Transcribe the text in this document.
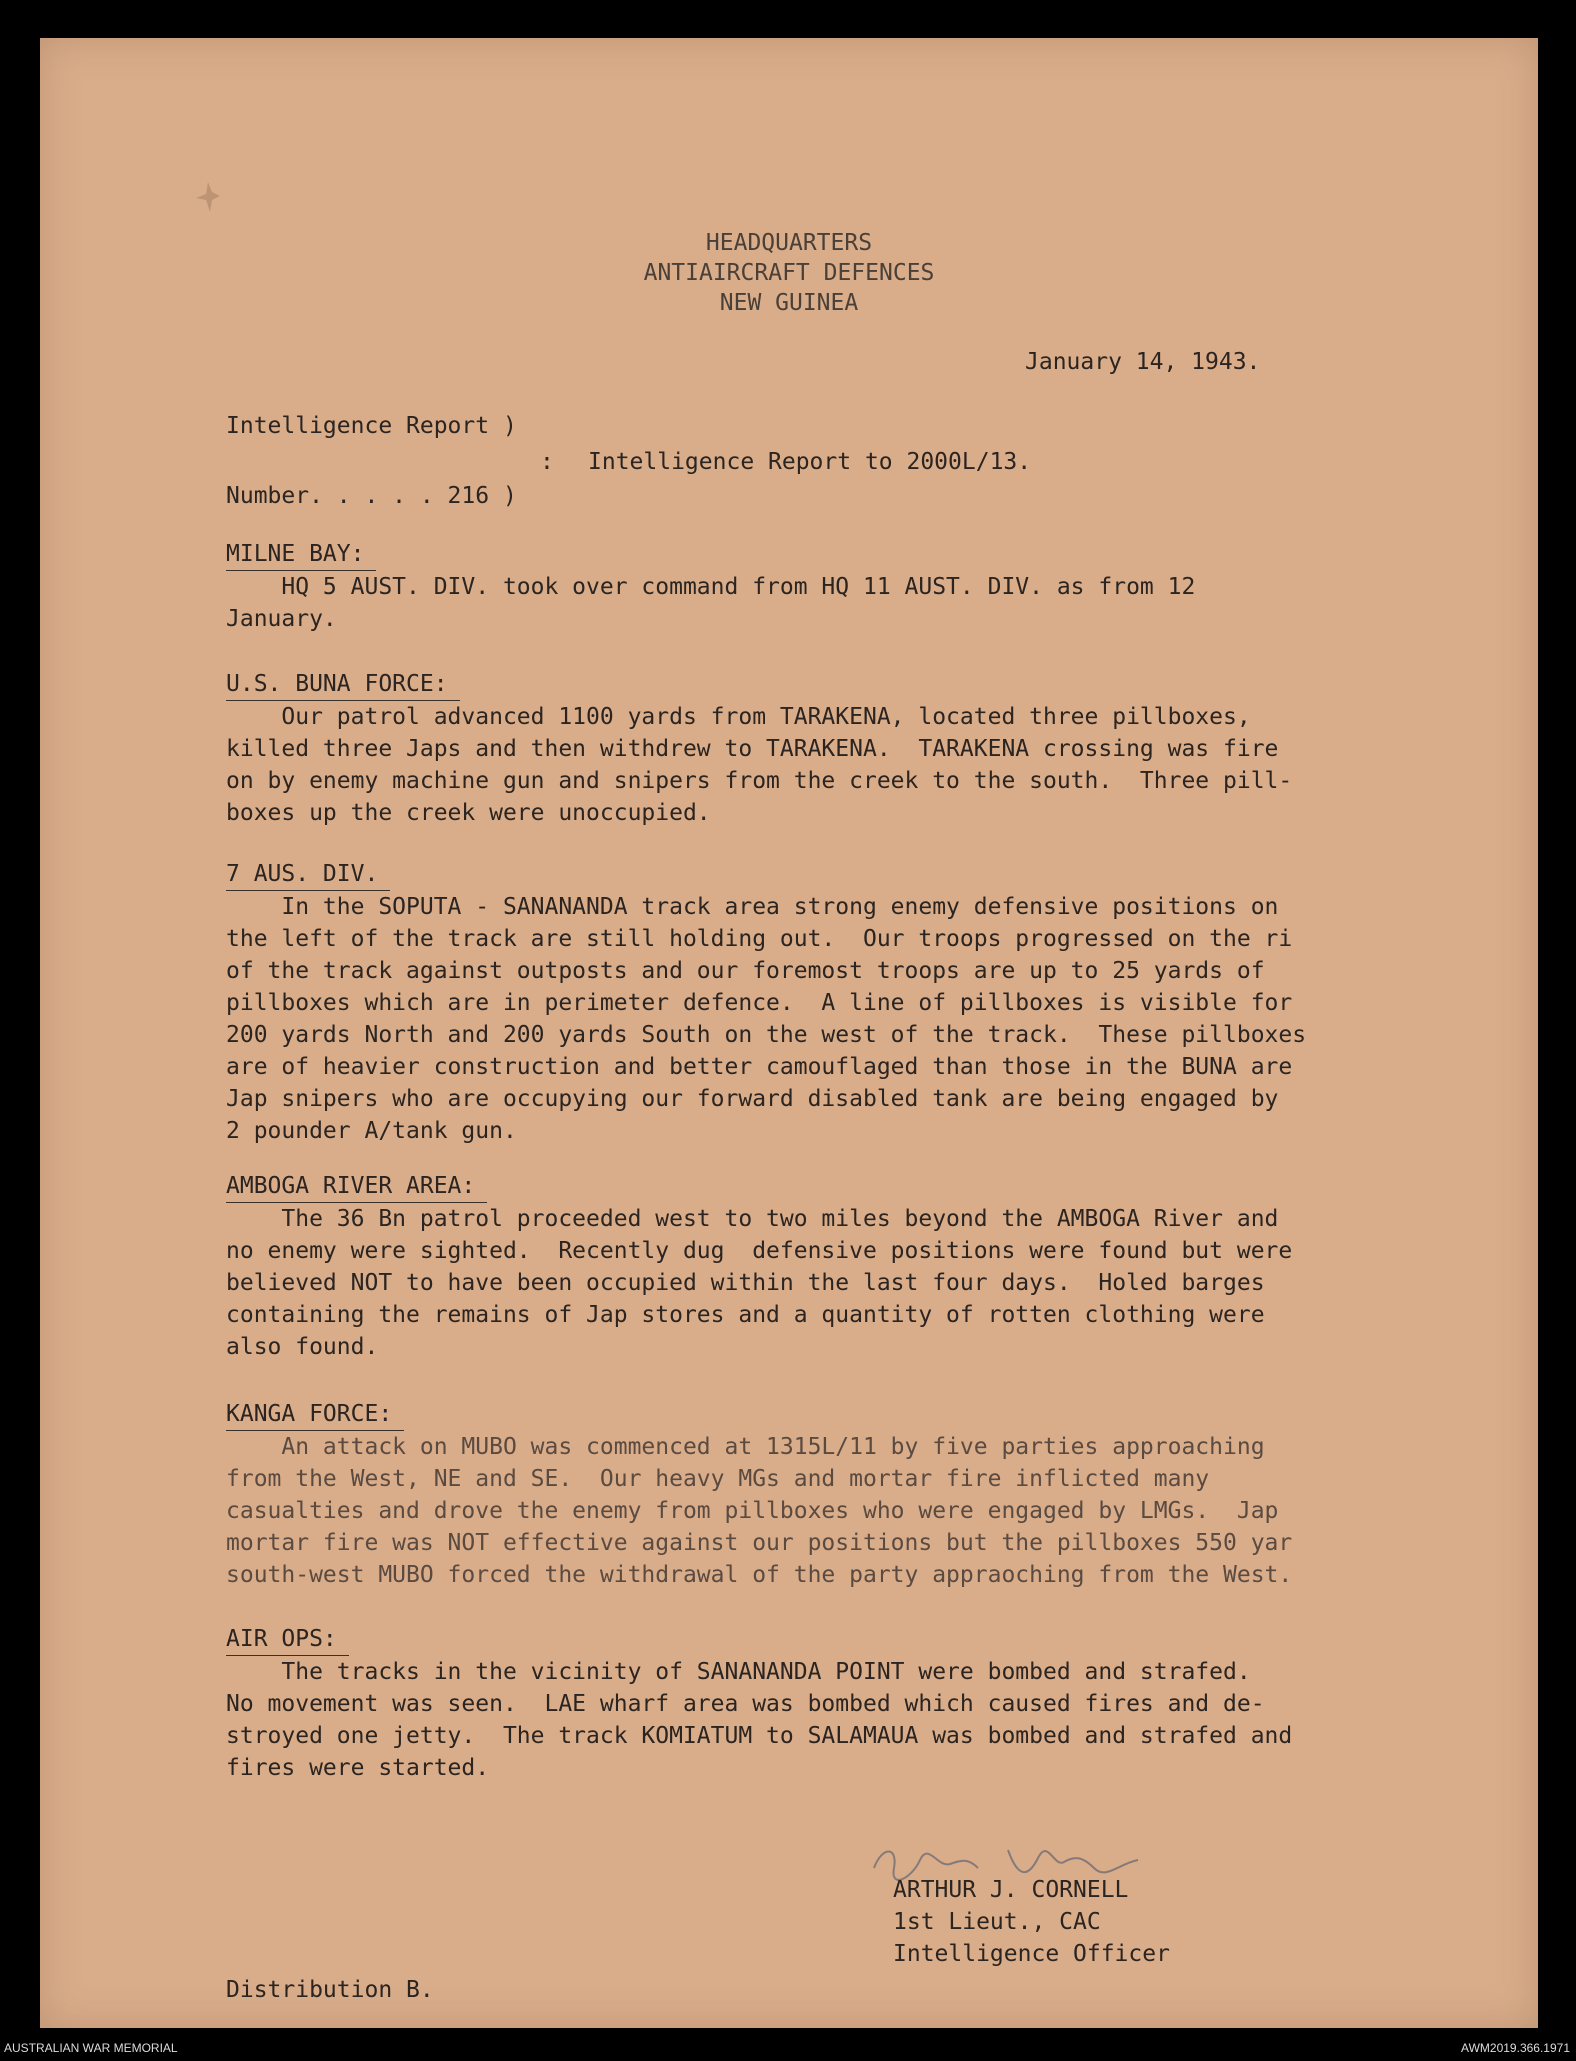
HEADQUARTERS
ANTIAIRCRAFT DEFENCES
NEW GUINEA
January 14, 1943.
Intelligence Report )
: Intelligence Report to 2000L/13.
Number. . . . . 216 )
MILNE BAY:
HQ 5 AUST. DIV. took over command from HQ 11 AUST. DIV. as from 12
January.
U.S. BUNA FORCE:
Our patrol advanced 1100 yards from TARAKENA, located three pillboxes,
killed three Japs and then withdrew to TARAKENA.  TARAKENA crossing was fire
on by enemy machine gun and snipers from the creek to the south.  Three pill-
boxes up the creek were unoccupied.
7 AUS. DIV.
In the SOPUTA - SANANANDA track area strong enemy defensive positions on
the left of the track are still holding out.  Our troops progressed on the ri
of the track against outposts and our foremost troops are up to 25 yards of
pillboxes which are in perimeter defence.  A line of pillboxes is visible for
200 yards North and 200 yards South on the west of the track.  These pillboxes
are of heavier construction and better camouflaged than those in the BUNA are
Jap snipers who are occupying our forward disabled tank are being engaged by
2 pounder A/tank gun.
AMBOGA RIVER AREA:
The 36 Bn patrol proceeded west to two miles beyond the AMBOGA River and
no enemy were sighted.  Recently dug  defensive positions were found but were
believed NOT to have been occupied within the last four days.  Holed barges
containing the remains of Jap stores and a quantity of rotten clothing were
also found.
KANGA FORCE:
An attack on MUBO was commenced at 1315L/11 by five parties approaching
from the West, NE and SE.  Our heavy MGs and mortar fire inflicted many
casualties and drove the enemy from pillboxes who were engaged by LMGs.  Jap
mortar fire was NOT effective against our positions but the pillboxes 550 yar
south-west MUBO forced the withdrawal of the party appraoching from the West.
AIR OPS:
The tracks in the vicinity of SANANANDA POINT were bombed and strafed.
No movement was seen.  LAE wharf area was bombed which caused fires and de-
stroyed one jetty.  The track KOMIATUM to SALAMAUA was bombed and strafed and
fires were started.
ARTHUR J. CORNELL
1st Lieut., CAC
Intelligence Officer
Distribution B.
AUSTRALIAN WAR MEMORIAL	AWM2019.366.1971
